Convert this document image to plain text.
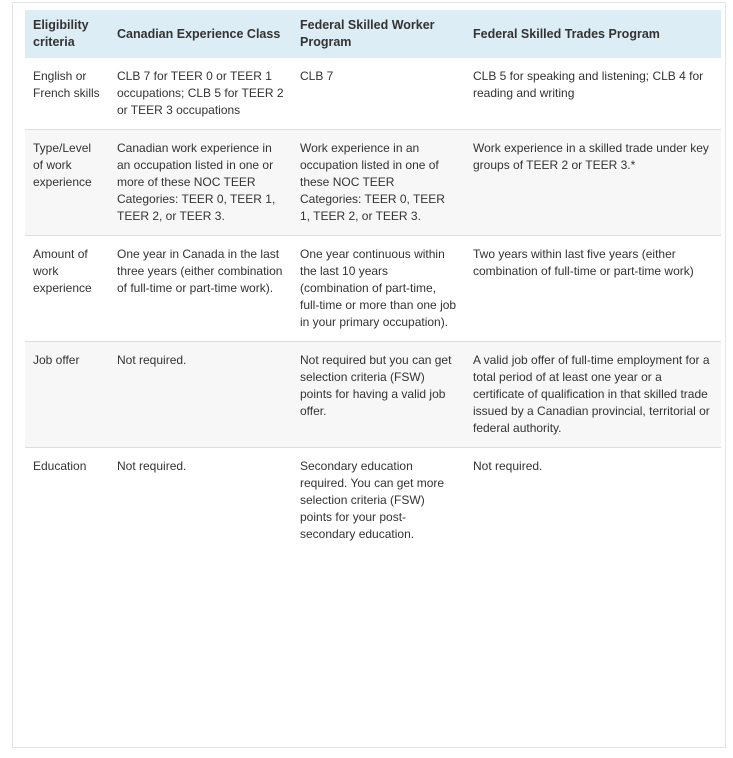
Eligibility criteria	Canadian Experience Class	Federal Skilled Worker Program	Federal Skilled Trades Program
English or French skills	CLB 7 for TEER 0 or TEER 1 occupations; CLB 5 for TEER 2 or TEER 3 occupations	CLB 7	CLB 5 for speaking and listening; CLB 4 for reading and writing
Type/Level of work experience	Canadian work experience in an occupation listed in one or more of these NOC TEER Categories: TEER 0, TEER 1, TEER 2, or TEER 3.	Work experience in an occupation listed in one of these NOC TEER Categories: TEER 0, TEER 1, TEER 2, or TEER 3.	Work experience in a skilled trade under key groups of TEER 2 or TEER 3.*
Amount of work experience	One year in Canada in the last three years (either combination of full-time or part-time work).	One year continuous within the last 10 years (combination of part-time, full-time or more than one job in your primary occupation).	Two years within last five years (either combination of full-time or part-time work)
Job offer	Not required.	Not required but you can get selection criteria (FSW) points for having a valid job offer.	A valid job offer of full-time employment for a total period of at least one year or a certificate of qualification in that skilled trade issued by a Canadian provincial, territorial or federal authority.
Education	Not required.	Secondary education required. You can get more selection criteria (FSW) points for your post-secondary education.	Not required.
